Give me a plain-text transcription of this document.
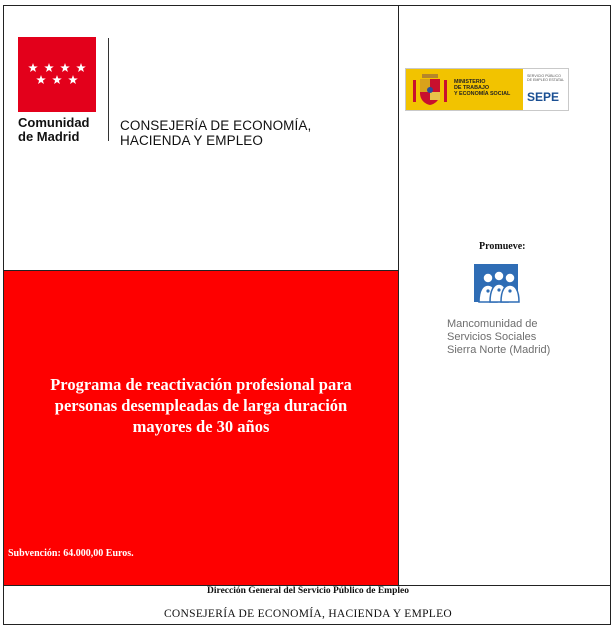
Comunidad
de Madrid
CONSEJERÍA DE ECONOMÍA,
HACIENDA Y EMPLEO
MINISTERIO
DE TRABAJO
Y ECONOMÍA SOCIAL
SERVICIO PÚBLICO
DE EMPLEO ESTATAL
SEPE
Promueve:
Mancomunidad de
Servicios Sociales
Sierra Norte (Madrid)
Programa de reactivación profesional para
personas desempleadas de larga duración
mayores de 30 años
Subvención: 64.000,00 Euros.
Dirección General del Servicio Público de Empleo
CONSEJERÍA DE ECONOMÍA, HACIENDA Y EMPLEO
